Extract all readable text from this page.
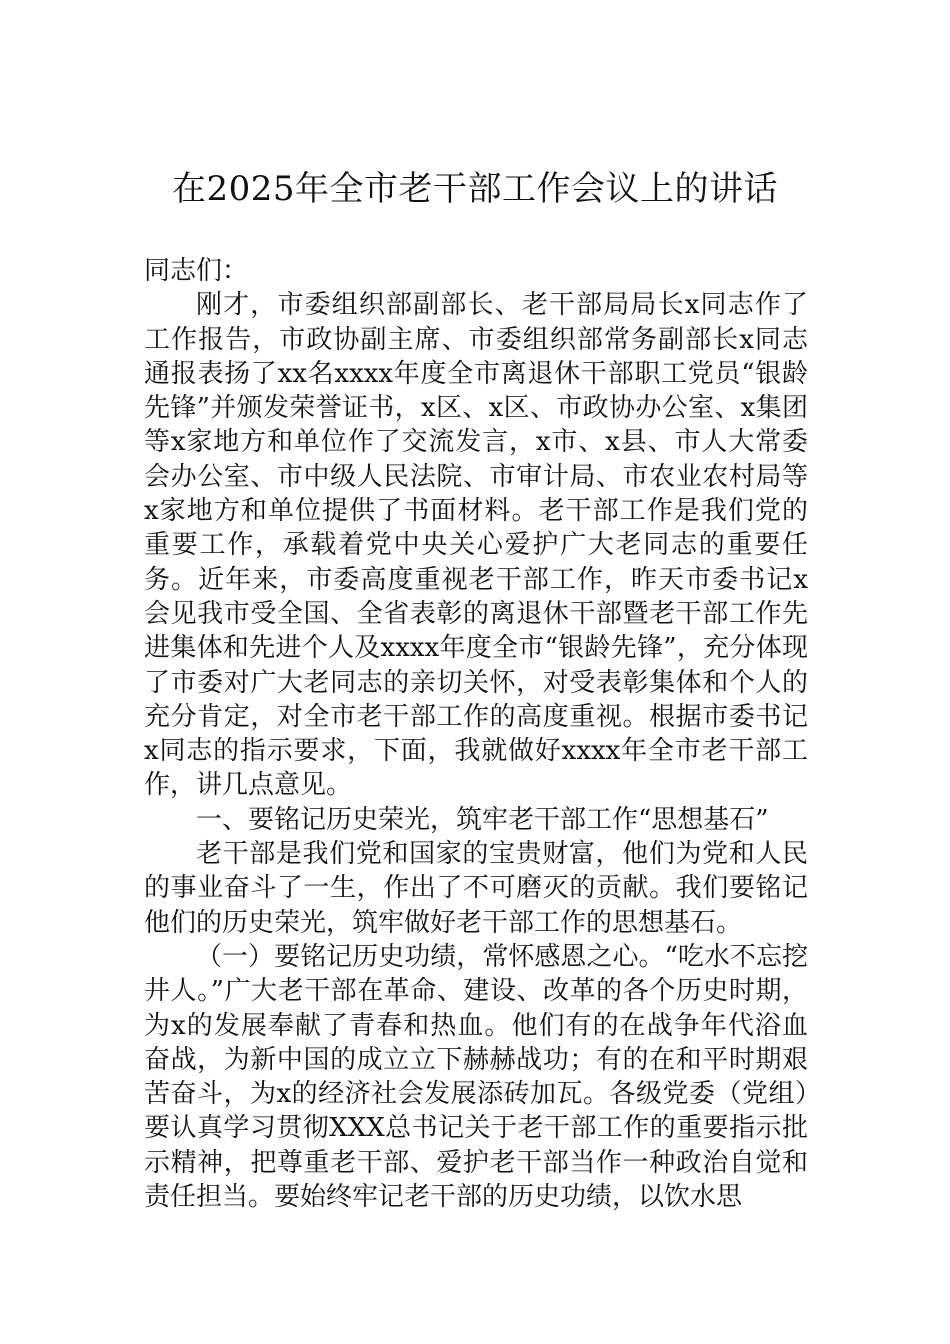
在2025年全市老干部工作会议上的讲话

同志们：

刚才，市委组织部副部长、老干部局局长x同志作了工作报告，市政协副主席、市委组织部常务副部长x同志通报表扬了xx名xxxx年度全市离退休干部职工党员“银龄先锋”并颁发荣誉证书，x区、x区、市政协办公室、x集团等x家地方和单位作了交流发言，x市、x县、市人大常委会办公室、市中级人民法院、市审计局、市农业农村局等x家地方和单位提供了书面材料。老干部工作是我们党的重要工作，承载着党中央关心爱护广大老同志的重要任务。近年来，市委高度重视老干部工作，昨天市委书记x会见我市受全国、全省表彰的离退休干部暨老干部工作先进集体和先进个人及xxxx年度全市“银龄先锋”，充分体现了市委对广大老同志的亲切关怀，对受表彰集体和个人的充分肯定，对全市老干部工作的高度重视。根据市委书记x同志的指示要求，下面，我就做好xxxx年全市老干部工作，讲几点意见。

一、要铭记历史荣光，筑牢老干部工作“思想基石”

老干部是我们党和国家的宝贵财富，他们为党和人民的事业奋斗了一生，作出了不可磨灭的贡献。我们要铭记他们的历史荣光，筑牢做好老干部工作的思想基石。

（一）要铭记历史功绩，常怀感恩之心。“吃水不忘挖井人。”广大老干部在革命、建设、改革的各个历史时期，为x的发展奉献了青春和热血。他们有的在战争年代浴血奋战，为新中国的成立立下赫赫战功；有的在和平时期艰苦奋斗，为x的经济社会发展添砖加瓦。各级党委（党组）要认真学习贯彻XXX总书记关于老干部工作的重要指示批示精神，把尊重老干部、爱护老干部当作一种政治自觉和责任担当。要始终牢记老干部的历史功绩，以饮水思
